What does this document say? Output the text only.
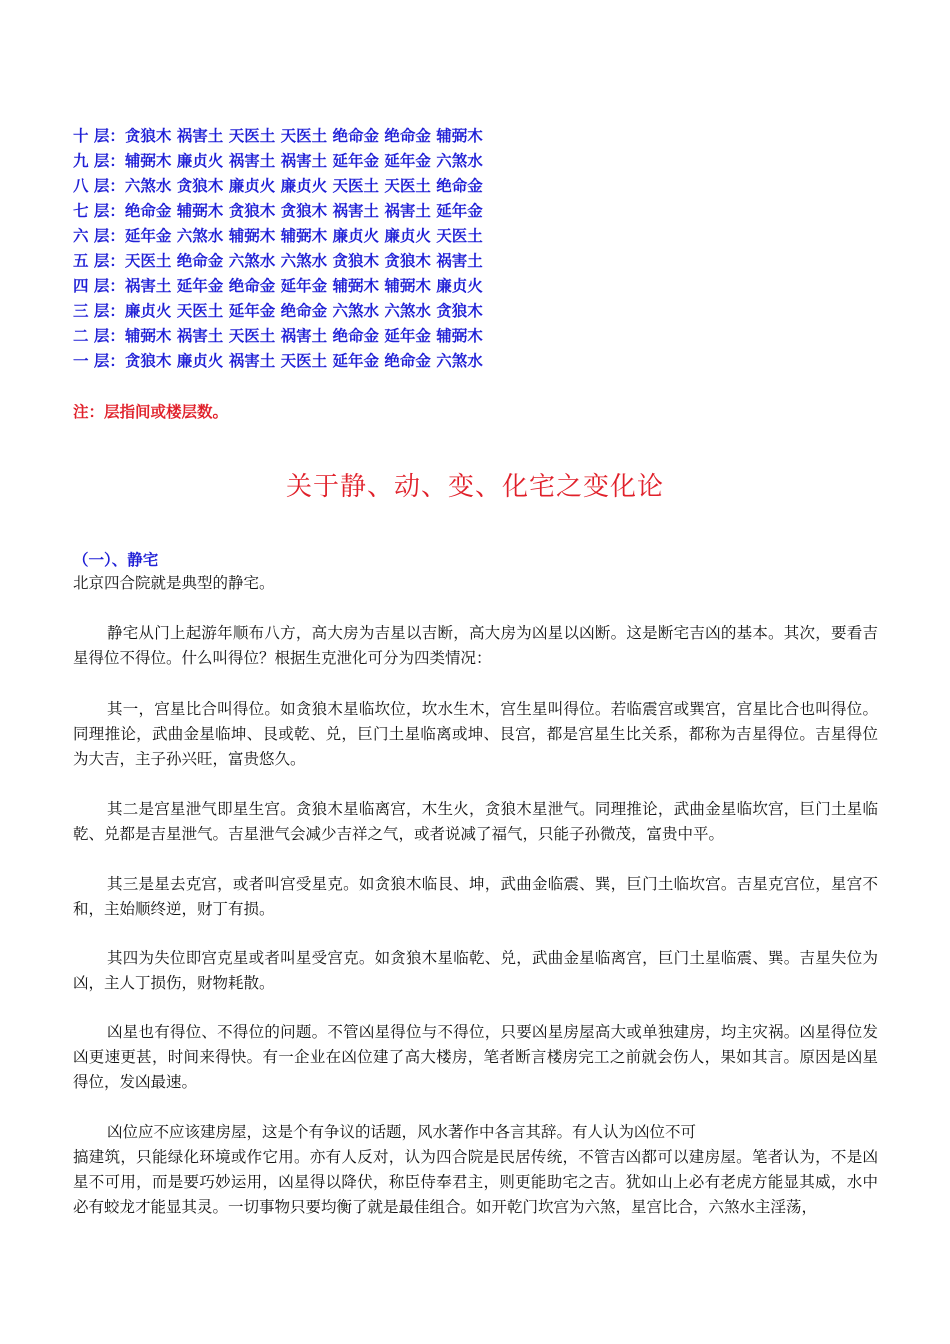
十 层：贪狼木 祸害土 天医土 天医土 绝命金 绝命金 辅弼木
九 层：辅弼木 廉贞火 祸害土 祸害土 延年金 延年金 六煞水
八 层：六煞水 贪狼木 廉贞火 廉贞火 天医土 天医土 绝命金
七 层：绝命金 辅弼木 贪狼木 贪狼木 祸害土 祸害土 延年金
六 层：延年金 六煞水 辅弼木 辅弼木 廉贞火 廉贞火 天医土
五 层：天医土 绝命金 六煞水 六煞水 贪狼木 贪狼木 祸害土
四 层：祸害土 延年金 绝命金 延年金 辅弼木 辅弼木 廉贞火
三 层：廉贞火 天医土 延年金 绝命金 六煞水 六煞水 贪狼木
二 层：辅弼木 祸害土 天医土 祸害土 绝命金 延年金 辅弼木
一 层：贪狼木 廉贞火 祸害土 天医土 延年金 绝命金 六煞水
注：层指间或楼层数。
关于静、动、变、化宅之变化论
（一）、静宅

北京四合院就是典型的静宅。

静宅从门上起游年顺布八方，高大房为吉星以吉断，高大房为凶星以凶断。这是断宅吉凶的基本。其次，要看吉星得位不得位。什么叫得位？根据生克泄化可分为四类情况：

其一，宫星比合叫得位。如贪狼木星临坎位，坎水生木，宫生星叫得位。若临震宫或巽宫，宫星比合也叫得位。同理推论，武曲金星临坤、艮或乾、兑，巨门土星临离或坤、艮宫，都是宫星生比关系，都称为吉星得位。吉星得位为大吉，主子孙兴旺，富贵悠久。

其二是宫星泄气即星生宫。贪狼木星临离宫，木生火，贪狼木星泄气。同理推论，武曲金星临坎宫，巨门土星临乾、兑都是吉星泄气。吉星泄气会减少吉祥之气，或者说减了福气，只能子孙微茂，富贵中平。

其三是星去克宫，或者叫宫受星克。如贪狼木临艮、坤，武曲金临震、巽，巨门土临坎宫。吉星克宫位，星宫不和，主始顺终逆，财丁有损。

其四为失位即宫克星或者叫星受宫克。如贪狼木星临乾、兑，武曲金星临离宫，巨门土星临震、巽。吉星失位为凶，主人丁损伤，财物耗散。

凶星也有得位、不得位的问题。不管凶星得位与不得位，只要凶星房屋高大或单独建房，均主灾祸。凶星得位发凶更速更甚，时间来得快。有一企业在凶位建了高大楼房，笔者断言楼房完工之前就会伤人，果如其言。原因是凶星得位，发凶最速。

凶位应不应该建房屋，这是个有争议的话题，风水著作中各言其辞。有人认为凶位不可
搞建筑，只能绿化环境或作它用。亦有人反对，认为四合院是民居传统，不管吉凶都可以建房屋。笔者认为，不是凶星不可用，而是要巧妙运用，凶星得以降伏，称臣侍奉君主，则更能助宅之吉。犹如山上必有老虎方能显其威，水中必有蛟龙才能显其灵。一切事物只要均衡了就是最佳组合。如开乾门坎宫为六煞，星宫比合，六煞水主淫荡，
